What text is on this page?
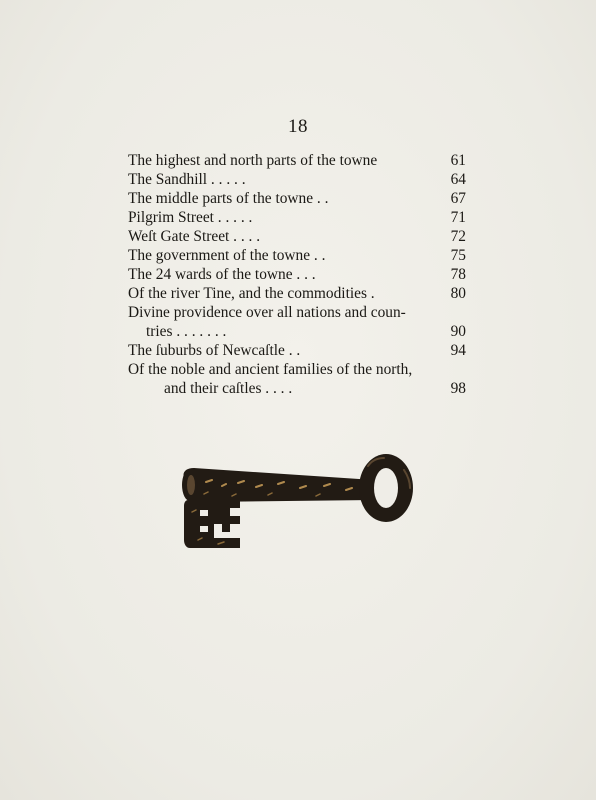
18
The highest and north parts of the towne	61
The Sandhill . . . . .	64
The middle parts of the towne . .	67
Pilgrim Street . . . . .	71
Weſt Gate Street . . . .	72
The government of the towne . .	75
The 24 wards of the towne . . .	78
Of the river Tine, and the commodities .	80
Divine providence over all nations and coun-
tries . . . . . . .	90
The ſuburbs of Newcaſtle . .	94
Of the noble and ancient families of the north,
and their caſtles . . . .	98
